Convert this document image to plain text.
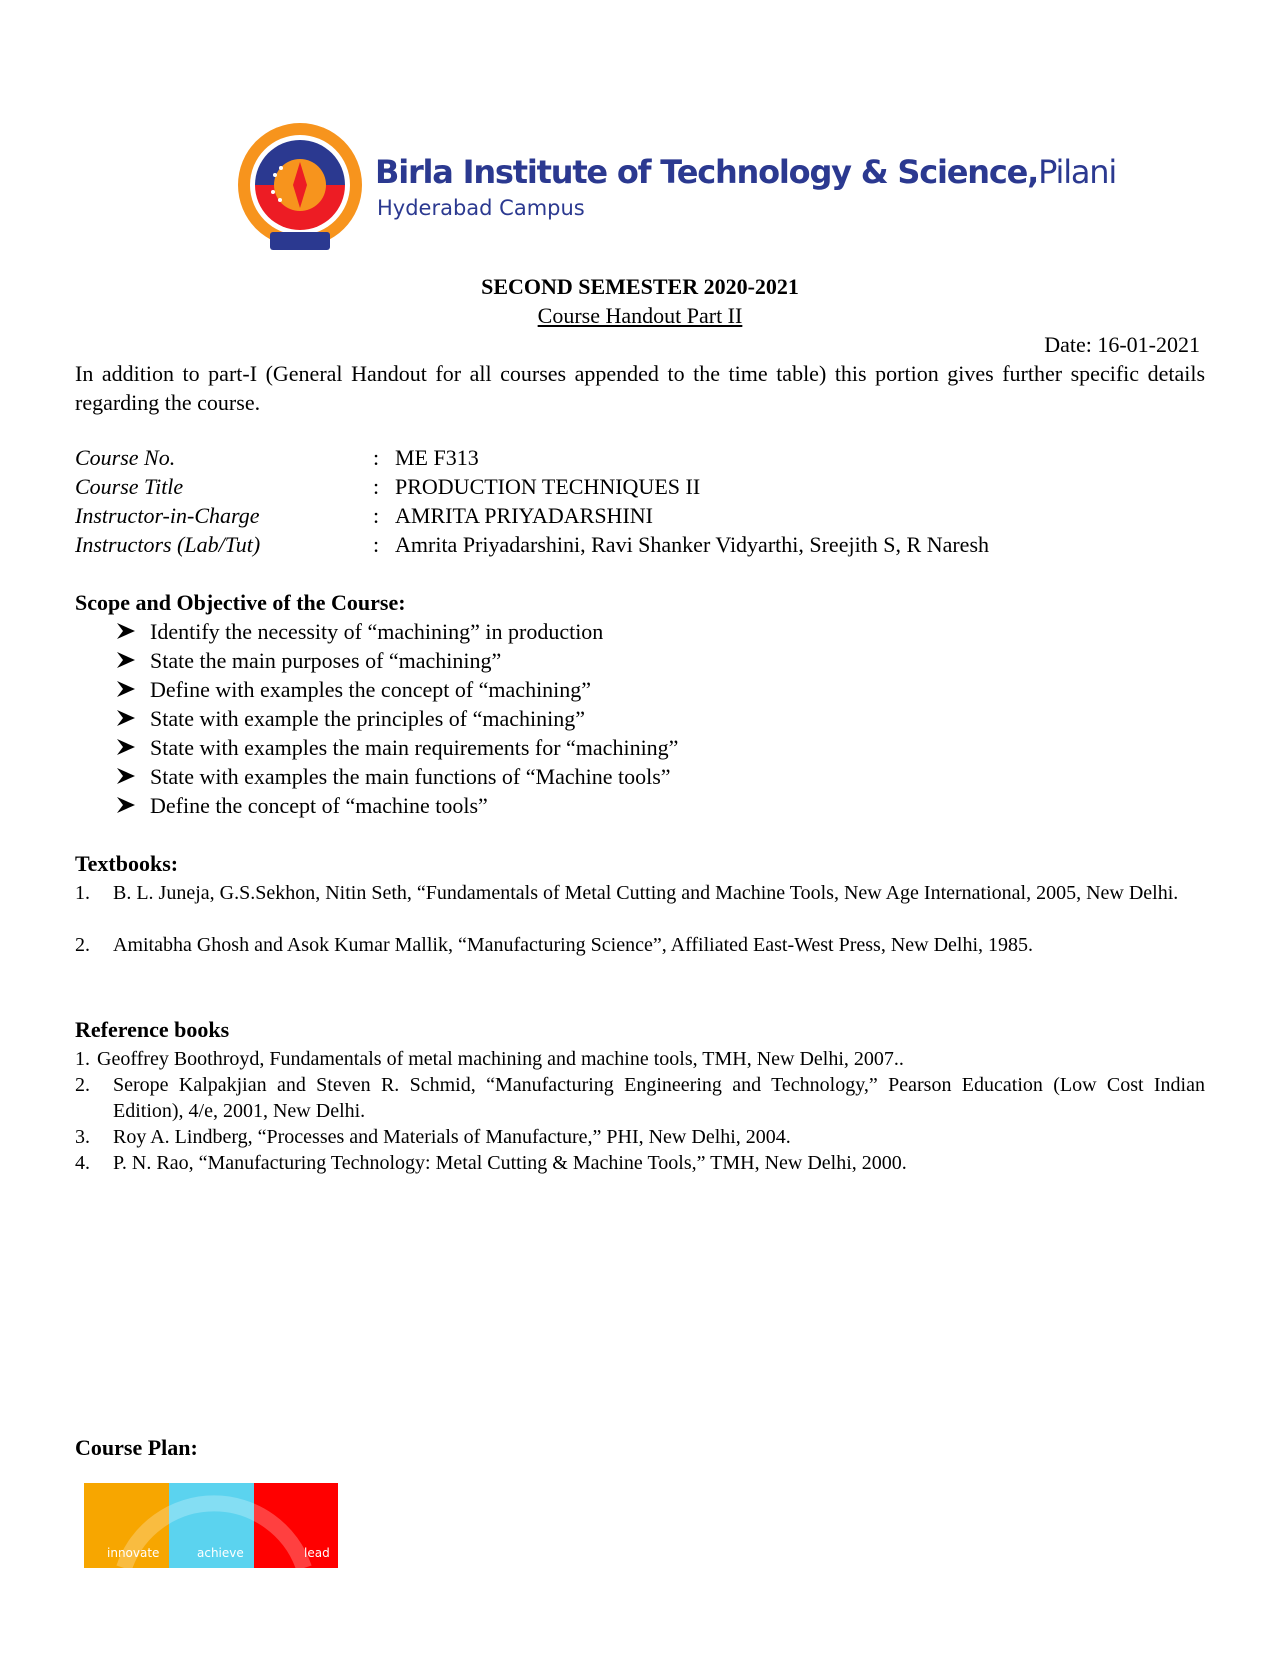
Birla Institute of Technology & Science,Pilani
Hyderabad Campus
SECOND SEMESTER 2020-2021
Course Handout Part II
Date: 16-01-2021
In addition to part-I (General Handout for all courses appended to the time table) this portion gives further specific details regarding the course.
Course No.	: ME F313
Course Title	: PRODUCTION TECHNIQUES II
Instructor-in-Charge	: AMRITA PRIYADARSHINI
Instructors (Lab/Tut)	: Amrita Priyadarshini, Ravi Shanker Vidyarthi, Sreejith S, R Naresh
Scope and Objective of the Course:
Identify the necessity of “machining” in production
State the main purposes of “machining”
Define with examples the concept of “machining”
State with example the principles of “machining”
State with examples the main requirements for “machining”
State with examples the main functions of “Machine tools”
Define the concept of “machine tools”
Textbooks:
1. B. L. Juneja, G.S.Sekhon, Nitin Seth, “Fundamentals of Metal Cutting and Machine Tools, New Age International, 2005, New Delhi.
2. Amitabha Ghosh and Asok Kumar Mallik, “Manufacturing Science”, Affiliated East-West Press, New Delhi, 1985.
Reference books
1. Geoffrey Boothroyd, Fundamentals of metal machining and machine tools, TMH, New Delhi, 2007..
2. Serope Kalpakjian and Steven R. Schmid, “Manufacturing Engineering and Technology,” Pearson Education (Low Cost Indian Edition), 4/e, 2001, New Delhi.
3. Roy A. Lindberg, “Processes and Materials of Manufacture,” PHI, New Delhi, 2004.
4. P. N. Rao, “Manufacturing Technology: Metal Cutting & Machine Tools,” TMH, New Delhi, 2000.
Course Plan:
innovate	achieve	lead
